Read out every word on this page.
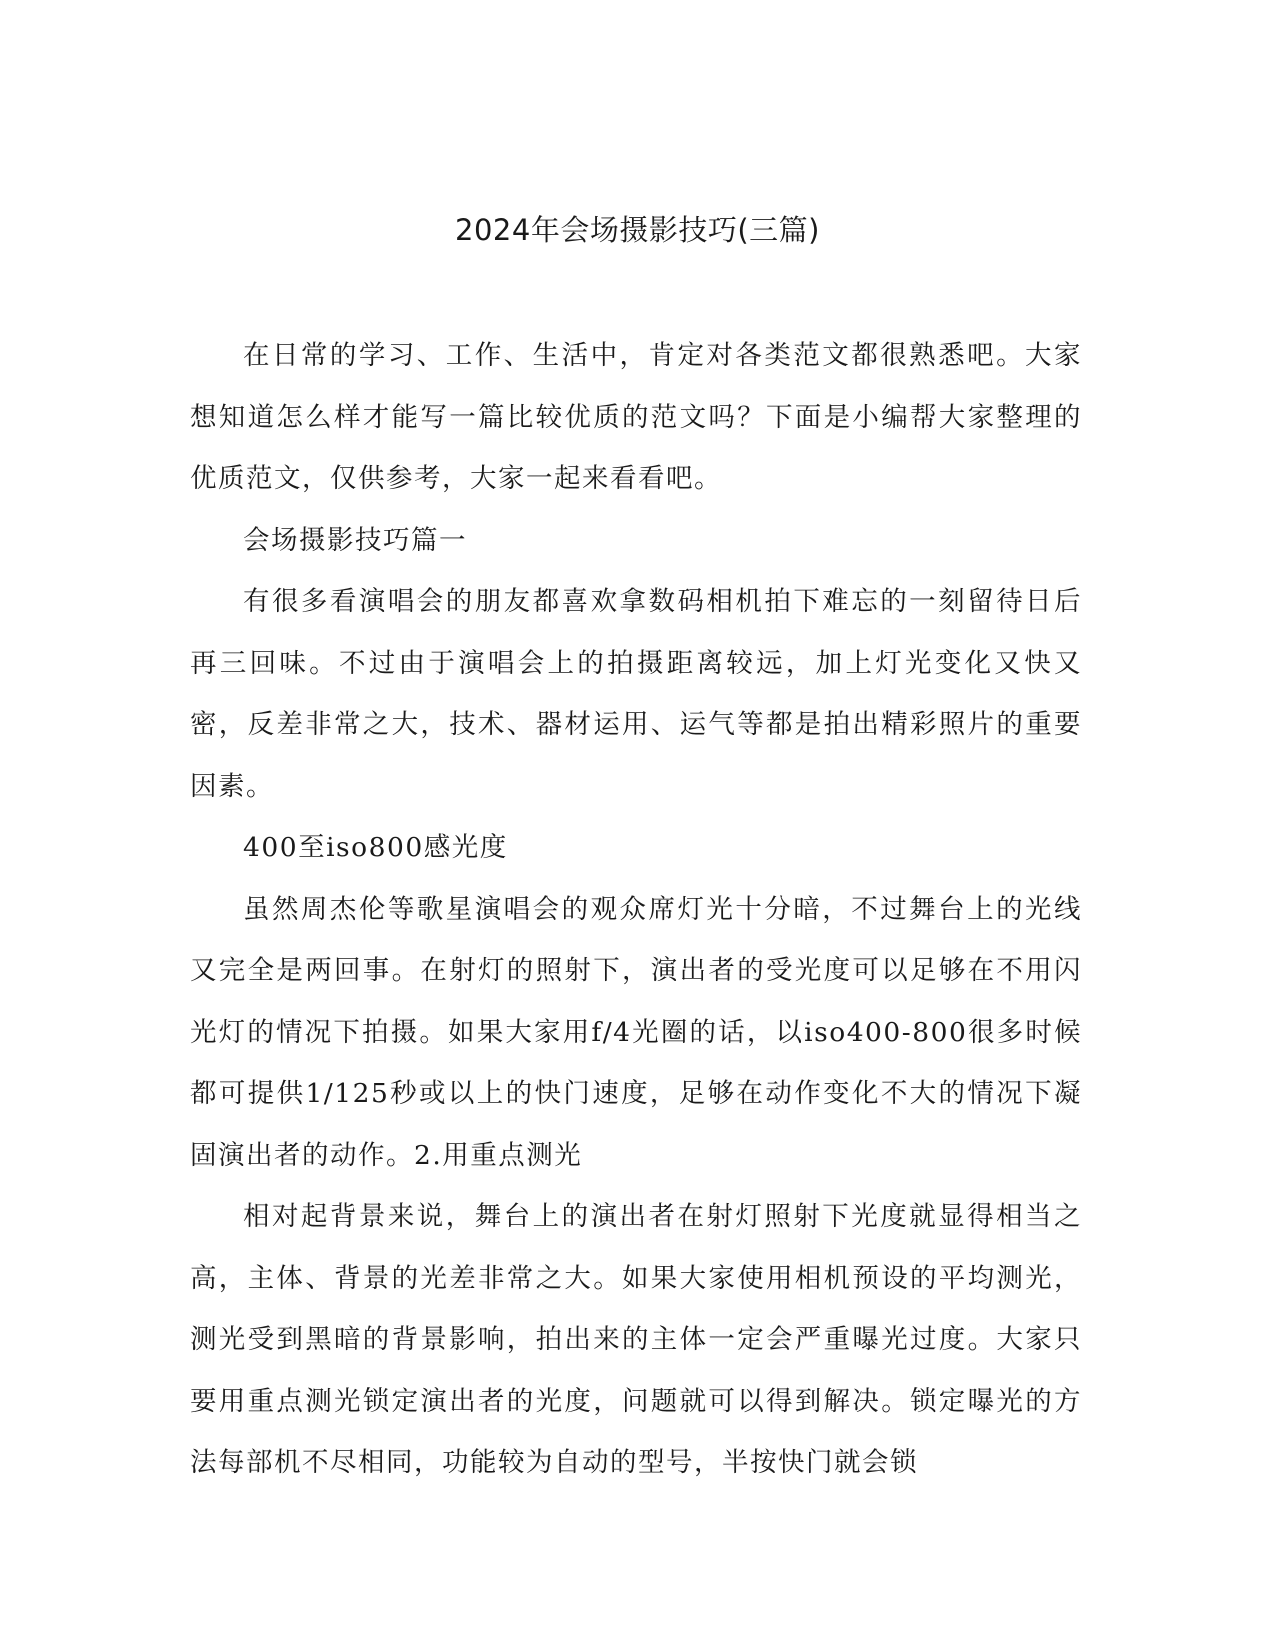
2024年会场摄影技巧(三篇)

在日常的学习、工作、生活中，肯定对各类范文都很熟悉吧。大家想知道怎么样才能写一篇比较优质的范文吗？下面是小编帮大家整理的优质范文，仅供参考，大家一起来看看吧。

会场摄影技巧篇一

有很多看演唱会的朋友都喜欢拿数码相机拍下难忘的一刻留待日后再三回味。不过由于演唱会上的拍摄距离较远，加上灯光变化又快又密，反差非常之大，技术、器材运用、运气等都是拍出精彩照片的重要因素。

400至iso800感光度

虽然周杰伦等歌星演唱会的观众席灯光十分暗，不过舞台上的光线又完全是两回事。在射灯的照射下，演出者的受光度可以足够在不用闪光灯的情况下拍摄。如果大家用f/4光圈的话，以iso400-800很多时候都可提供1/125秒或以上的快门速度，足够在动作变化不大的情况下凝固演出者的动作。2.用重点测光

相对起背景来说，舞台上的演出者在射灯照射下光度就显得相当之高，主体、背景的光差非常之大。如果大家使用相机预设的平均测光，测光受到黑暗的背景影响，拍出来的主体一定会严重曝光过度。大家只要用重点测光锁定演出者的光度，问题就可以得到解决。锁定曝光的方法每部机不尽相同，功能较为自动的型号，半按快门就会锁
